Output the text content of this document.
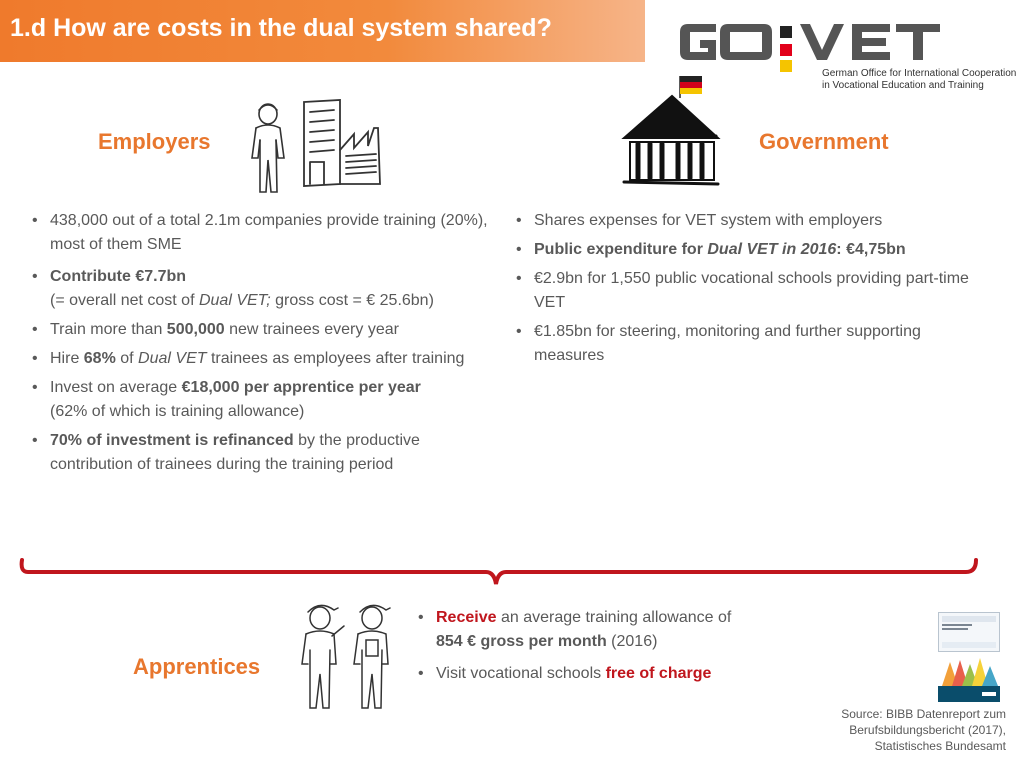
1.d How are costs in the dual system shared?
German Office for International Cooperation
in Vocational Education and Training
Employers
• 438,000 out of a total 2.1m companies provide training (20%), most of them SME
• Contribute €7.7bn
(= overall net cost of Dual VET; gross cost = € 25.6bn)
• Train more than 500,000 new trainees every year
• Hire 68% of Dual VET trainees as employees after training
• Invest on average €18,000 per apprentice per year
(62% of which is training allowance)
• 70% of investment is refinanced by the productive contribution of trainees during the training period
Government
• Shares expenses for VET system with employers
• Public expenditure for Dual VET in 2016: €4,75bn
• €2.9bn for 1,550 public vocational schools providing part-time VET
• €1.85bn for steering, monitoring and further supporting measures
Apprentices
• Receive an average training allowance of
854 € gross per month (2016)
• Visit vocational schools free of charge
Source: BIBB Datenreport zum
Berufsbildungsbericht (2017),
Statistisches Bundesamt
